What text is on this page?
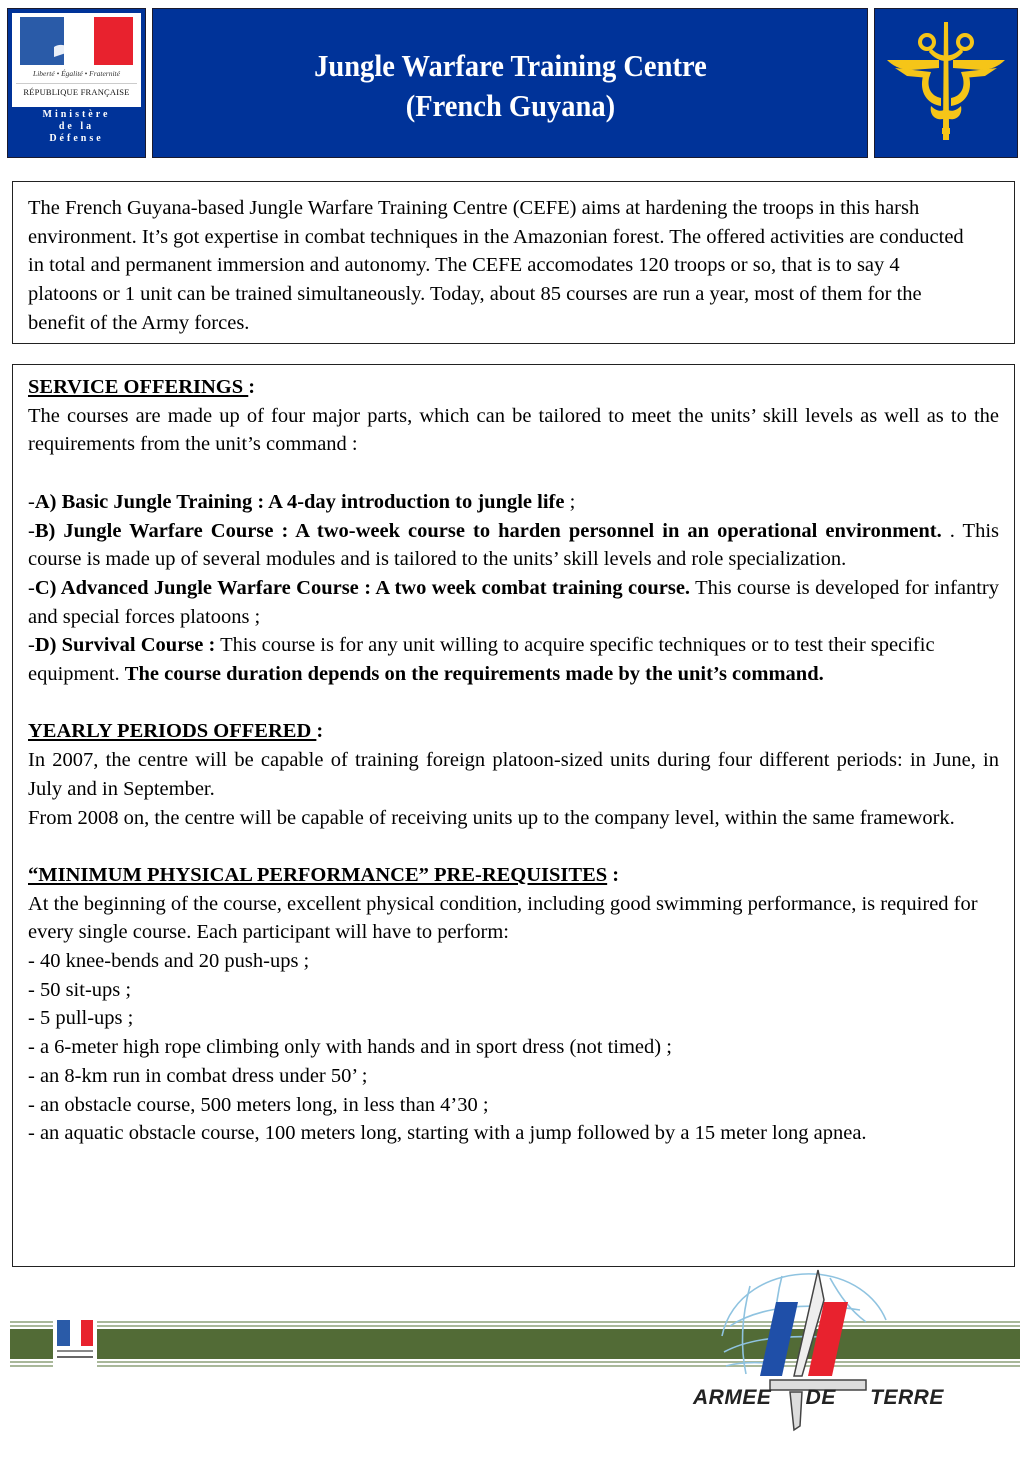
Liberté • Égalité • Fraternité
RÉPUBLIQUE FRANÇAISE
Ministère
de la
Défense
Jungle Warfare Training Centre
(French Guyana)

The French Guyana-based Jungle Warfare Training Centre (CEFE) aims at hardening the troops in this harsh environment. It’s got expertise in combat techniques in the Amazonian forest. The offered activities are conducted in total and permanent immersion and autonomy. The CEFE accomodates 120 troops or so, that is to say 4 platoons or 1 unit can be trained simultaneously. Today, about 85 courses are run a year, most of them for the benefit of the Army forces.

SERVICE OFFERINGS :

The courses are made up of four major parts, which can be tailored to meet the units’ skill levels as well as to the requirements from the unit’s command :

-A) Basic Jungle Training : A 4-day introduction to jungle life ;

-B) Jungle Warfare Course : A two-week course to harden personnel in an operational environment. . This course is made up of several modules and is tailored to the units’ skill levels and role specialization.

-C) Advanced Jungle Warfare Course : A two week combat training course. This course is developed for infantry and special forces platoons ;

-D) Survival Course : This course is for any unit willing to acquire specific techniques or to test their specific equipment. The course duration depends on the requirements made by the unit’s command.

YEARLY PERIODS OFFERED :

In 2007, the centre will be capable of training foreign platoon-sized units during four different periods: in June, in July and in September.

From 2008 on, the centre will be capable of receiving units up to the company level, within the same framework.

“MINIMUM PHYSICAL PERFORMANCE” PRE-REQUISITES :

At the beginning of the course, excellent physical condition, including good swimming performance, is required for every single course. Each participant will have to perform:

- 40 knee-bends and 20 push-ups ;
- 50 sit-ups ;
- 5 pull-ups ;
- a 6-meter high rope climbing only with hands and in sport dress (not timed) ;
- an 8-km run in combat dress under 50’ ;
- an obstacle course, 500 meters long, in less than 4’30 ;
- an aquatic obstacle course, 100 meters long, starting with a jump followed by a 15 meter long apnea.
ARMEE DE TERRE
